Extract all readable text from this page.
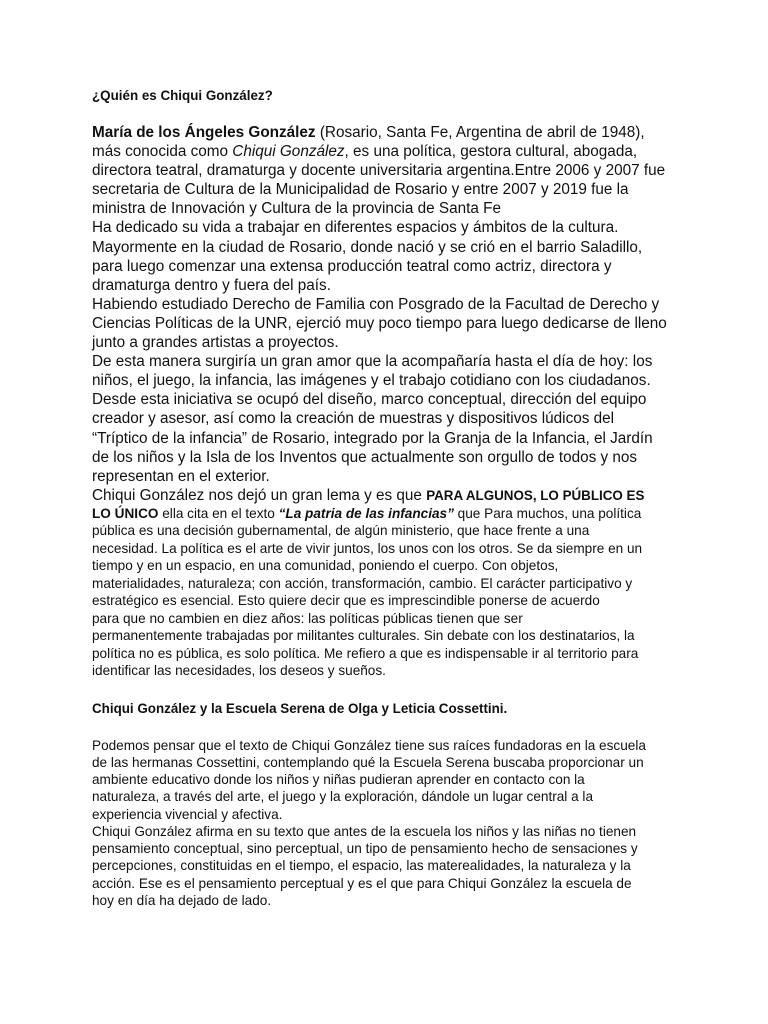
¿Quién es Chiqui González?

María de los Ángeles González (Rosario, Santa Fe, Argentina de abril de 1948),
más conocida como Chiqui González, es una política, gestora cultural, abogada,
directora teatral, dramaturga y docente universitaria argentina.Entre 2006 y 2007 fue
secretaria de Cultura de la Municipalidad de Rosario y entre 2007 y 2019 fue la
ministra de Innovación y Cultura de la provincia de Santa Fe

Ha dedicado su vida a trabajar en diferentes espacios y ámbitos de la cultura.
Mayormente en la ciudad de Rosario, donde nació y se crió en el barrio Saladillo,
para luego comenzar una extensa producción teatral como actriz, directora y
dramaturga dentro y fuera del país.

Habiendo estudiado Derecho de Familia con Posgrado de la Facultad de Derecho y
Ciencias Políticas de la UNR, ejerció muy poco tiempo para luego dedicarse de lleno
junto a grandes artistas a proyectos.

De esta manera surgiría un gran amor que la acompañaría hasta el día de hoy: los
niños, el juego, la infancia, las imágenes y el trabajo cotidiano con los ciudadanos.
Desde esta iniciativa se ocupó del diseño, marco conceptual, dirección del equipo
creador y asesor, así como la creación de muestras y dispositivos lúdicos del
“Tríptico de la infancia” de Rosario, integrado por la Granja de la Infancia, el Jardín
de los niños y la Isla de los Inventos que actualmente son orgullo de todos y nos
representan en el exterior.

Chiqui González nos dejó un gran lema y es que PARA ALGUNOS, LO PÚBLICO ES

LO ÚNICO ella cita en el texto “La patria de las infancias” que Para muchos, una política
pública es una decisión gubernamental, de algún ministerio, que hace frente a una
necesidad. La política es el arte de vivir juntos, los unos con los otros. Se da siempre en un
tiempo y en un espacio, en una comunidad, poniendo el cuerpo. Con objetos,
materialidades, naturaleza; con acción, transformación, cambio. El carácter participativo y
estratégico es esencial. Esto quiere decir que es imprescindible ponerse de acuerdo
para que no cambien en diez años: las políticas públicas tienen que ser
permanentemente trabajadas por militantes culturales. Sin debate con los destinatarios, la
política no es pública, es solo política. Me refiero a que es indispensable ir al territorio para
identificar las necesidades, los deseos y sueños.

Chiqui González y la Escuela Serena de Olga y Leticia Cossettini.

Podemos pensar que el texto de Chiqui González tiene sus raíces fundadoras en la escuela
de las hermanas Cossettini, contemplando qué la Escuela Serena buscaba proporcionar un
ambiente educativo donde los niños y niñas pudieran aprender en contacto con la
naturaleza, a través del arte, el juego y la exploración, dándole un lugar central a la
experiencia vivencial y afectiva.

Chiqui González afirma en su texto que antes de la escuela los niños y las niñas no tienen
pensamiento conceptual, sino perceptual, un tipo de pensamiento hecho de sensaciones y
percepciones, constituidas en el tiempo, el espacio, las materealidades, la naturaleza y la
acción. Ese es el pensamiento perceptual y es el que para Chiqui González la escuela de
hoy en día ha dejado de lado.
